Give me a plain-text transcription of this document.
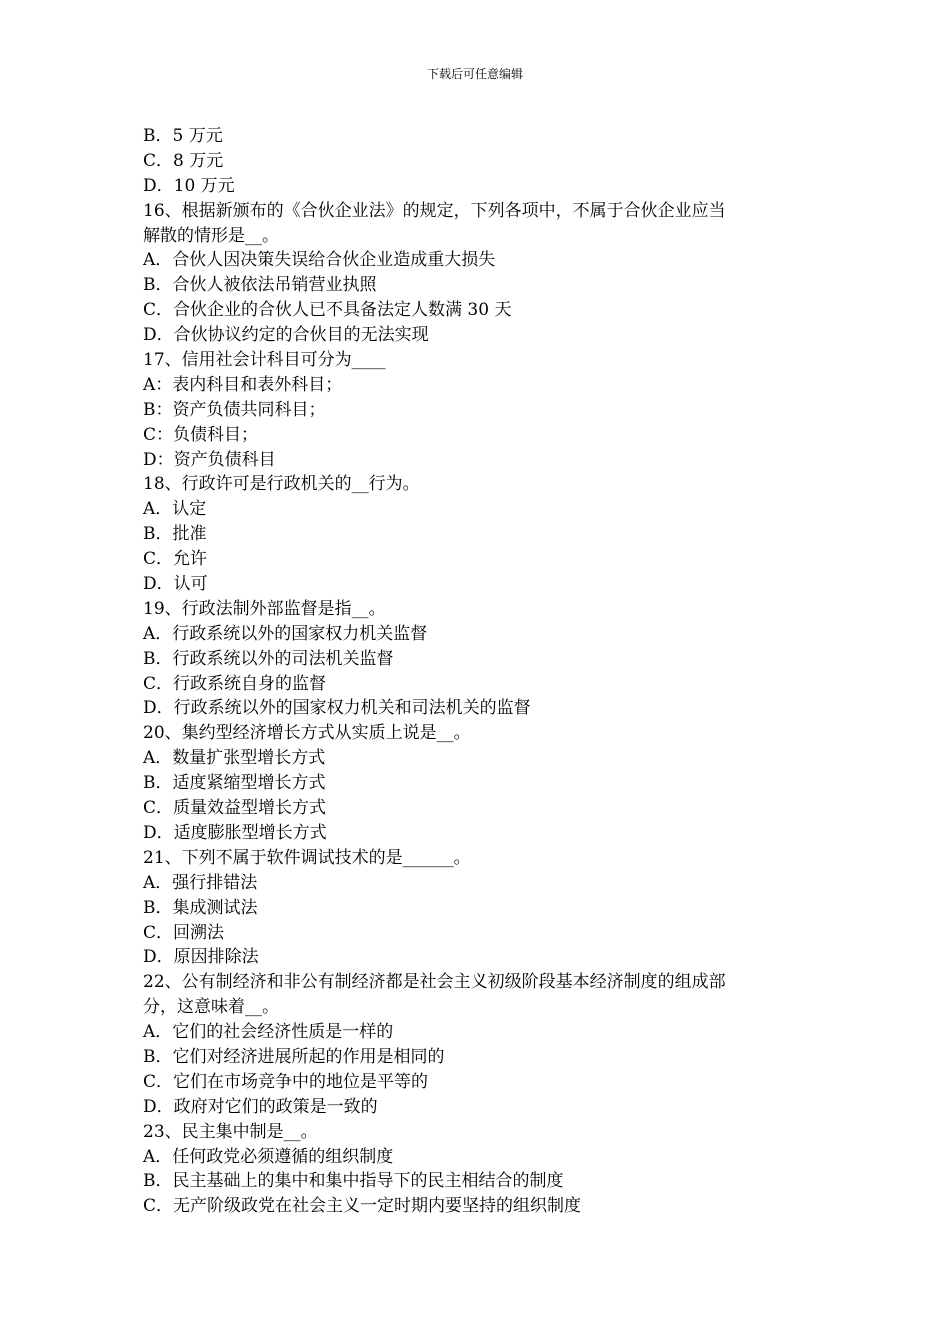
下载后可任意编辑

B．5 万元

C．8 万元

D．10 万元

16、根据新颁布的《合伙企业法》的规定，下列各项中，不属于合伙企业应当

解散的情形是__。

A．合伙人因决策失误给合伙企业造成重大损失

B．合伙人被依法吊销营业执照

C．合伙企业的合伙人已不具备法定人数满 30 天

D．合伙协议约定的合伙目的无法实现

17、信用社会计科目可分为____

A：表内科目和表外科目；

B：资产负债共同科目；

C：负债科目；

D：资产负债科目

18、行政许可是行政机关的__行为。

A．认定

B．批准

C．允许

D．认可

19、行政法制外部监督是指__。

A．行政系统以外的国家权力机关监督

B．行政系统以外的司法机关监督

C．行政系统自身的监督

D．行政系统以外的国家权力机关和司法机关的监督

20、集约型经济增长方式从实质上说是__。

A．数量扩张型增长方式

B．适度紧缩型增长方式

C．质量效益型增长方式

D．适度膨胀型增长方式

21、下列不属于软件调试技术的是______。

A．强行排错法

B．集成测试法

C．回溯法

D．原因排除法

22、公有制经济和非公有制经济都是社会主义初级阶段基本经济制度的组成部

分，这意味着__。

A．它们的社会经济性质是一样的

B．它们对经济进展所起的作用是相同的

C．它们在市场竞争中的地位是平等的

D．政府对它们的政策是一致的

23、民主集中制是__。

A．任何政党必须遵循的组织制度

B．民主基础上的集中和集中指导下的民主相结合的制度

C．无产阶级政党在社会主义一定时期内要坚持的组织制度
